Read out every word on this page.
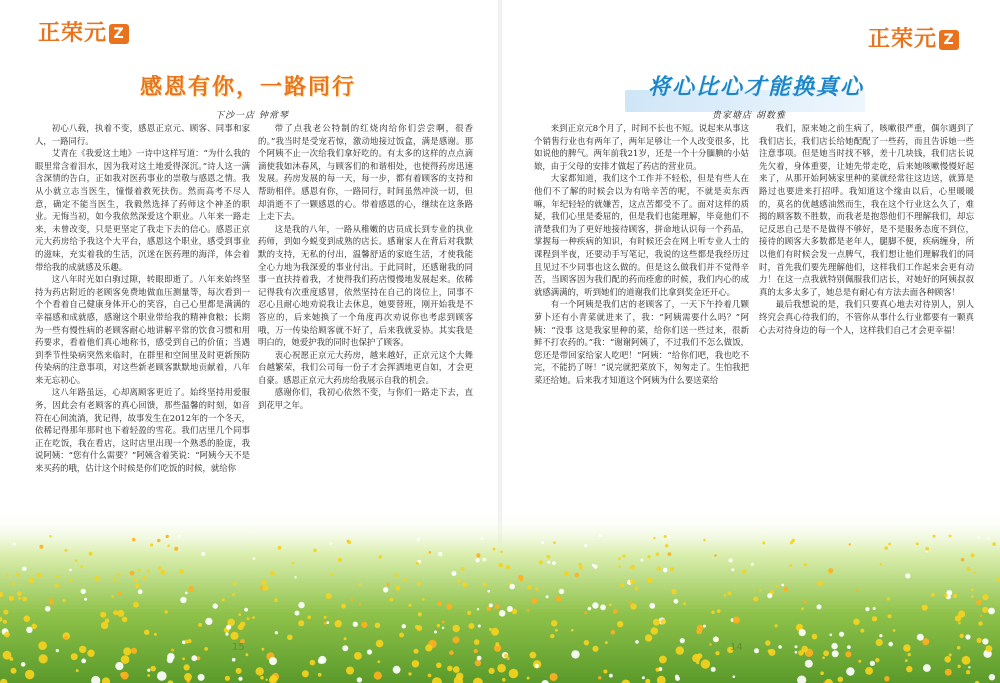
正荣元 Z
感恩有你，一路同行
下沙一店 钟常琴

初心八载，执着不变，感恩正京元、顾客、同事和家人，一路同行。

艾青在《我爱这土地》一诗中这样写道：“为什么我的眼里常含着泪水，因为我对这土地爱得深沉。”诗人这一满含深情的告白，正如我对医药事业的崇敬与感恩之情。我从小就立志当医生，憧憬着救死扶伤。然而高考不尽人意，确定不能当医生，我毅然选择了药师这个神圣的职业。无悔当初，如今我依然深爱这个职业。八年来一路走来，未曾改变，只是更坚定了我走下去的信心。感恩正京元大药房给予我这个大平台，感恩这个职业，感受到事业的滋味，充实着我的生活，沉迷在医药理的海洋，体会着带给我的成就感及乐趣。

这八年时光如白驹过隙，转眼即逝了。八年来始终坚持为药店附近的老顾客免费地做血压测量等，每次看到一个个看着自己健康身体开心的笑容，自己心里都是满满的幸福感和成就感，感谢这个职业带给我的精神食粮；长期为一些有慢性病的老顾客耐心地讲解平常的饮食习惯和用药要求，看着他们真心地称书，感受到自己的价值；当遇到季节性染病突然来临时，在群里和空间里及时更新预防传染病的注意事项，对这些新老顾客默默地贡献着，八年来无忘初心。

这八年路虽远，心却离顾客更近了。始终坚持用爱服务，因此会有老顾客的真心回馈，那些温馨的时刻，如音符在心间流淌，犹记得，故事发生在2012年的一个冬天，依稀记得那年那时也下着轻盈的雪花。我们店里几个同事正在吃饭，我在看店，这时店里出现一个熟悉的脸庞，我说阿姨：“您有什么需要？”阿姨含着笑说：“阿姨今天不是来买药的哦，估计这个时候是你们吃饭的时候，就给你

带了点我老公特制的红烧肉给你们尝尝啊，很香的。”我当时是受宠若惊，激动地接过饭盒，满是感谢。那个阿姨不止一次给我们拿好吃的。有太多的这样的点点滴滴使我如沐春风，与顾客们的和谐相处，也使得药房迅速发展。药房发展的每一天，每一步，都有着顾客的支持和帮助相伴。感恩有你，一路同行，时间虽然冲淡一切，但却消逝不了一颗感恩的心。带着感恩的心，继续在这条路上走下去。

这是我的八年，一路从稚嫩的店员成长到专业的执业药师，到如今蜕变到成熟的店长。感谢家人在背后对我默默的支持，无私的付出，温馨舒适的家庭生活，才使我能全心力地为我深爱的事业付出。于此同时，还感谢我的同事一直扶持着我，才使得我们药店慢慢地发展起来。依稀记得我有次重度感冒，依然坚持在自己的岗位上，同事不忍心且耐心地劝说我让去休息，她要替班，刚开始我是不答应的，后来她换了一个角度再次劝说你也考虑到顾客哦，万一传染给顾客就不好了，后来我就妥协。其实我是明白的，她爱护我的同时也保护了顾客。

衷心祝愿正京元大药房，越来越好，正京元这个大舞台越繁荣，我们公司每一份子才会挥洒地更自如，才会更自豪。感恩正京元大药房给我展示自我的机会。

感谢你们，我初心依然不变，与你们一路走下去，直到花甲之年。

正荣元 Z
将心比心才能换真心
贵家塘店 胡数雅

来到正京元8个月了，时间不长也不短。说起来从事这个销售行业也有两年了，两年足够让一个人改变很多，比如说他的脾气。两年前我21岁，还是一个十分腼腆的小姑娘，由于父母的安排才做起了药店的营业员。

大家都知道，我们这个工作并不轻松，但是有些人在他们不了解的时候会以为有啥辛苦的呢，不就是卖东西嘛，年纪轻轻的就嫌苦，这点苦都受不了。面对这样的质疑，我们心里是委屈的，但是我们也能理解，毕竟他们不清楚我们为了更好地接待顾客，拼命地认识每一个药品，掌握每一种疾病的知识，有时候还会在网上听专业人士的课程到半夜，还要动手写笔记，我说的这些都是我经历过且见过不少同事也这么做的。但是这么做我们并不觉得辛苦，当顾客因为我们配的药而痊愈的时候，我们内心的成就感满满的，听到她们的道谢我们比拿到奖金还开心。

有一个阿姨是我们店的老顾客了，一天下午拎着几颗萝卜还有小青菜就进来了，我：“阿姨需要什么吗？”阿姨：“没事 这是我家里种的菜，给你们送一些过来，很新鲜不打农药的。”我：“谢谢阿姨了，不过我们不怎么做饭，您还是带回家给家人吃吧！”阿姨：“给你们吧，我也吃不完，不能扔了呀！”说完就把菜放下，匆匆走了。生怕我把菜还给她。后来我才知道这个阿姨为什么要送菜给

我们，原来她之前生病了，咳嗽很严重，偶尔遇到了我们店长，我们店长给她配配了一些药，而且告诉她一些注意事项。但是她当时找不够，差十几块钱，我们店长说先欠着，身体重要，让她先带走吃，后来她咳嗽慢慢好起来了，从那开始阿姨家里种的菜就经常往这边送，就算是路过也要进来打招呼。我知道这个缘由以后，心里暖暖的，莫名的优越感油然而生，我在这个行业这么久了，难揭的顾客数不胜数，而我老是抱怨他们不理解我们，却忘记反思自己是不是做得不够好，是不是服务态度不到位，接待的顾客大多数都是老年人，腿脚不便，疾病缠身，所以他们有时候会发一点脾气，我们想让他们理解我们的同时，首先我们要先理解他们，这样我们工作起来会更有动力！在这一点我就特别佩服我们店长，对她好的阿姨叔叔真的太多太多了，她总是有耐心有方法去面各种顾客！

最后我想说的是，我们只要真心地去对待别人，别人终究会真心待我们的，不管你从事什么行业都要有一颗真心去对待身边的每一个人，这样我们自己才会更幸福！

15	14
